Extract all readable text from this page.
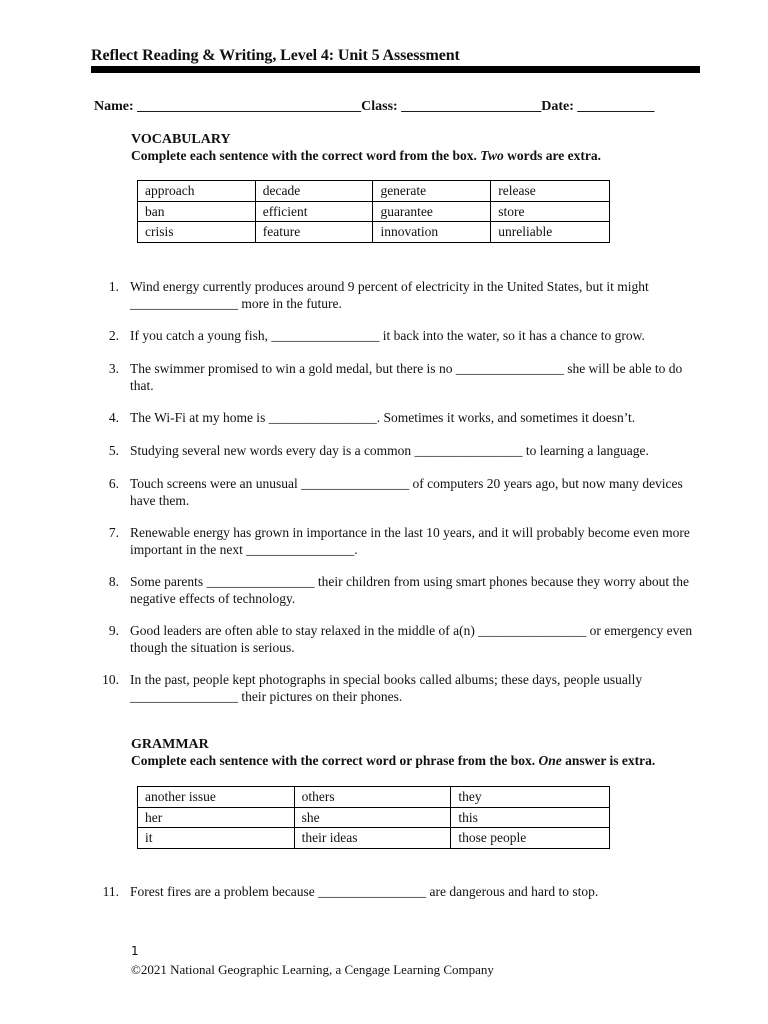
Reflect Reading & Writing, Level 4: Unit 5 Assessment
Name: ________________________________Class: ____________________Date: ___________
VOCABULARY
Complete each sentence with the correct word from the box. Two words are extra.
approach	decade	generate	release
ban	efficient	guarantee	store
crisis	feature	innovation	unreliable
1. Wind energy currently produces around 9 percent of electricity in the United States, but it might ________________ more in the future.
2. If you catch a young fish, ________________ it back into the water, so it has a chance to grow.
3. The swimmer promised to win a gold medal, but there is no ________________ she will be able to do that.
4. The Wi-Fi at my home is ________________. Sometimes it works, and sometimes it doesn’t.
5. Studying several new words every day is a common ________________ to learning a language.
6. Touch screens were an unusual ________________ of computers 20 years ago, but now many devices have them.
7. Renewable energy has grown in importance in the last 10 years, and it will probably become even more important in the next ________________.
8. Some parents ________________ their children from using smart phones because they worry about the negative effects of technology.
9. Good leaders are often able to stay relaxed in the middle of a(n) ________________ or emergency even though the situation is serious.
10. In the past, people kept photographs in special books called albums; these days, people usually ________________ their pictures on their phones.
GRAMMAR
Complete each sentence with the correct word or phrase from the box. One answer is extra.
another issue	others	they
her	she	this
it	their ideas	those people
11. Forest fires are a problem because ________________ are dangerous and hard to stop.
1
©2021 National Geographic Learning, a Cengage Learning Company
